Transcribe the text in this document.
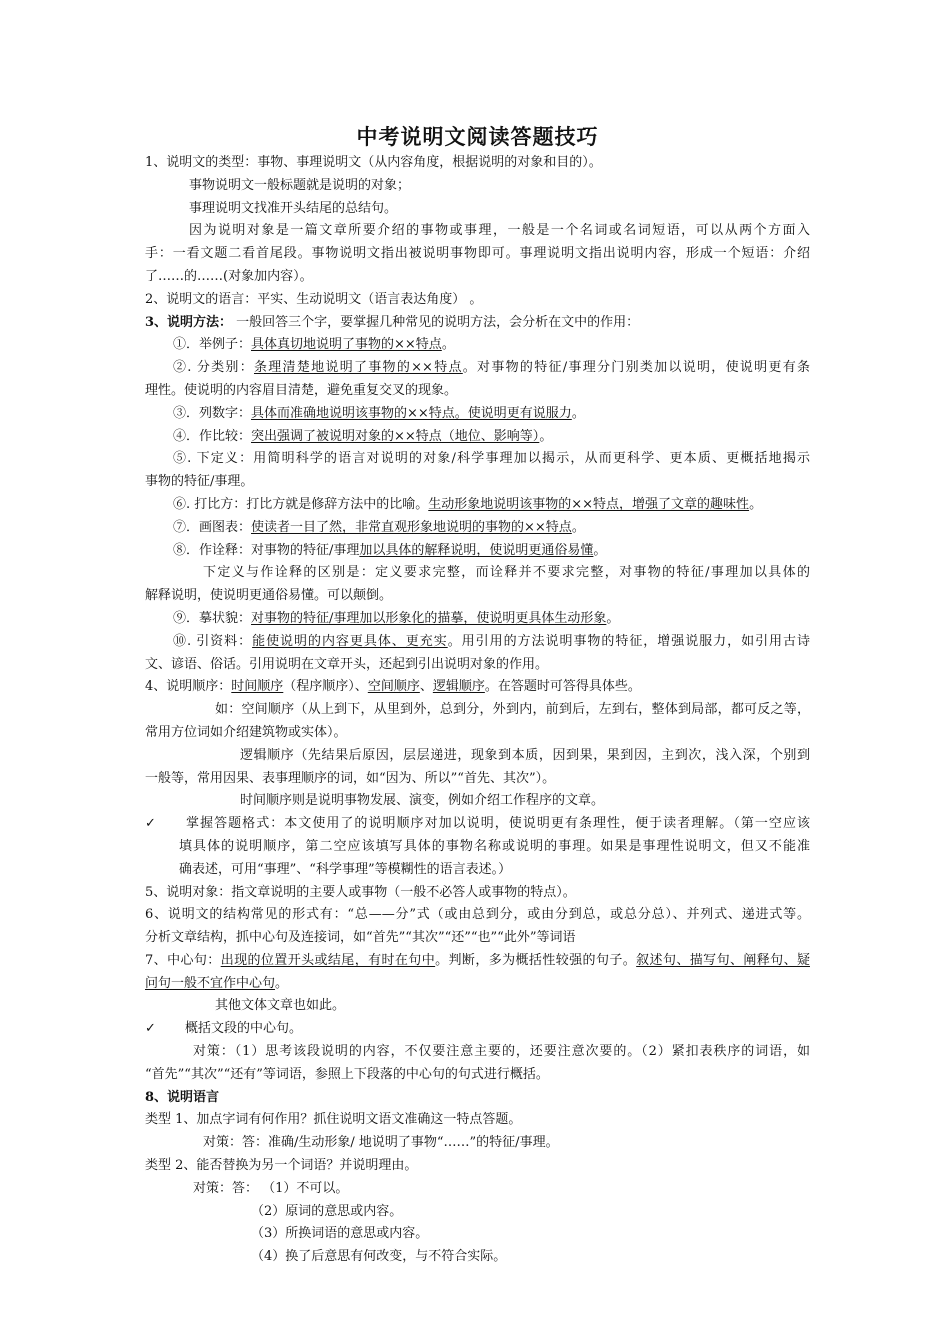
中考说明文阅读答题技巧
1、说明文的类型：事物、事理说明文（从内容角度，根据说明的对象和目的）。
事物说明文一般标题就是说明的对象；
事理说明文找准开头结尾的总结句。
因为说明对象是一篇文章所要介绍的事物或事理，一般是一个名词或名词短语，可以从两个方面入
手：一看文题二看首尾段。事物说明文指出被说明事物即可。事理说明文指出说明内容，形成一个短语：介绍
了……的……(对象加内容）。
2、说明文的语言：平实、生动说明文（语言表达角度） 。
3、说明方法： 一般回答三个字，要掌握几种常见的说明方法，会分析在文中的作用：
①．举例子：具体真切地说明了事物的××特点。
②. 分类别：条理清楚地说明了事物的××特点。对事物的特征/事理分门别类加以说明，使说明更有条
理性。使说明的内容眉目清楚，避免重复交叉的现象。
③．列数字：具体而准确地说明该事物的××特点。使说明更有说服力。
④．作比较：突出强调了被说明对象的××特点（地位、影响等）。
⑤. 下定义：用简明科学的语言对说明的对象/科学事理加以揭示，从而更科学、更本质、更概括地揭示
事物的特征/事理。
⑥. 打比方：打比方就是修辞方法中的比喻。生动形象地说明该事物的××特点，增强了文章的趣味性。
⑦．画图表：使读者一目了然，非常直观形象地说明的事物的××特点。
⑧．作诠释：对事物的特征/事理加以具体的解释说明，使说明更通俗易懂。
下定义与作诠释的区别是：定义要求完整，而诠释并不要求完整，对事物的特征/事理加以具体的
解释说明，使说明更通俗易懂。可以颠倒。
⑨．摹状貌：对事物的特征/事理加以形象化的描摹，使说明更具体生动形象。
⑩. 引资料：能使说明的内容更具体、更充实。用引用的方法说明事物的特征，增强说服力，如引用古诗
文、谚语、俗话。引用说明在文章开头，还起到引出说明对象的作用。
4、说明顺序：时间顺序（程序顺序）、空间顺序、逻辑顺序。在答题时可答得具体些。
如：空间顺序（从上到下，从里到外，总到分，外到内，前到后，左到右，整体到局部，都可反之等，
常用方位词如介绍建筑物或实体）。
逻辑顺序（先结果后原因，层层递进，现象到本质，因到果，果到因，主到次，浅入深，个别到
一般等，常用因果、表事理顺序的词，如“因为、所以”“首先、其次”）。
时间顺序则是说明事物发展、演变，例如介绍工作程序的文章。
✓ 掌握答题格式：本文使用了的说明顺序对加以说明，使说明更有条理性，便于读者理解。（第一空应该
填具体的说明顺序，第二空应该填写具体的事物名称或说明的事理。如果是事理性说明文，但又不能准
确表述，可用“事理”、“科学事理”等模糊性的语言表述。）
5、说明对象：指文章说明的主要人或事物（一般不必答人或事物的特点）。
6、说明文的结构常见的形式有：“总——分”式（或由总到分，或由分到总，或总分总）、并列式、递进式等。
分析文章结构，抓中心句及连接词，如“首先”“其次”“还”“也”“此外”等词语
7、中心句：出现的位置开头或结尾，有时在句中。判断，多为概括性较强的句子。叙述句、描写句、阐释句、疑
问句一般不宜作中心句。
其他文体文章也如此。
✓ 概括文段的中心句。
对策：（1）思考该段说明的内容，不仅要注意主要的，还要注意次要的。（2）紧扣表秩序的词语，如
“首先”“其次”“还有”等词语，参照上下段落的中心句的句式进行概括。
8、说明语言
类型 1、加点字词有何作用？抓住说明文语文准确这一特点答题。
对策：答：准确/生动形象/ 地说明了事物“……”的特征/事理。
类型 2、能否替换为另一个词语？并说明理由。
对策：答： （1）不可以。
（2）原词的意思或内容。
（3）所换词语的意思或内容。
（4）换了后意思有何改变，与不符合实际。
